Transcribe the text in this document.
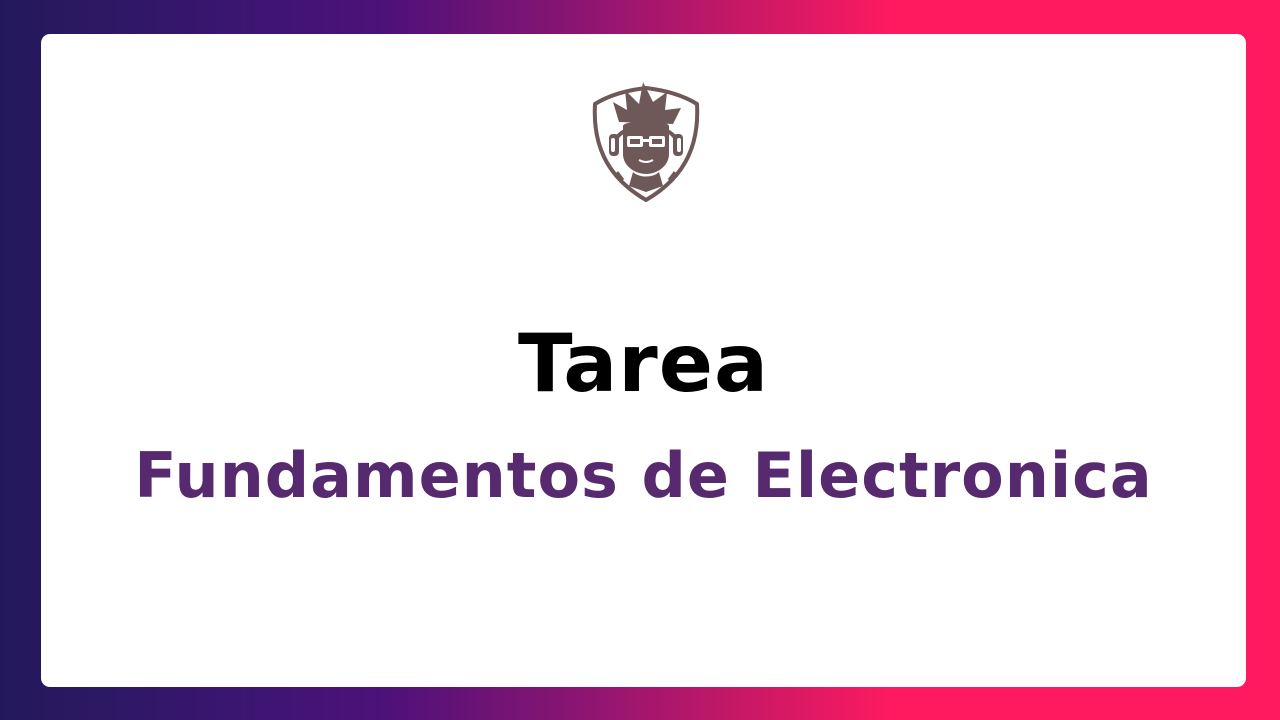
Tarea
Fundamentos de Electronica
